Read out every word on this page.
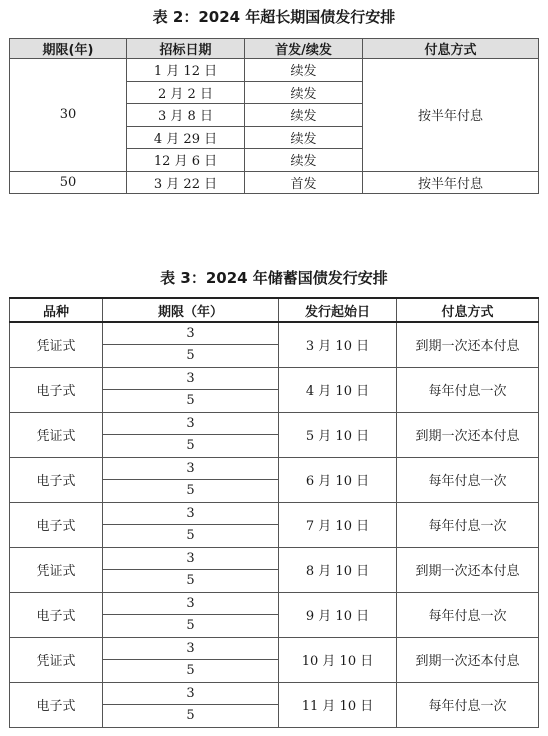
表 2：2024 年超长期国债发行安排
期限(年)	招标日期	首发/续发	付息方式
30	1 月 12 日	续发	按半年付息
	2 月 2 日	续发	
	3 月 8 日	续发	
	4 月 29 日	续发	
	12 月 6 日	续发	
50	3 月 22 日	首发	按半年付息
表 3：2024 年储蓄国债发行安排
品种	期限（年）	发行起始日	付息方式
凭证式	3	3 月 10 日	到期一次还本付息
	5		
电子式	3	4 月 10 日	每年付息一次
	5		
凭证式	3	5 月 10 日	到期一次还本付息
	5		
电子式	3	6 月 10 日	每年付息一次
	5		
电子式	3	7 月 10 日	每年付息一次
	5		
凭证式	3	8 月 10 日	到期一次还本付息
	5		
电子式	3	9 月 10 日	每年付息一次
	5		
凭证式	3	10 月 10 日	到期一次还本付息
	5		
电子式	3	11 月 10 日	每年付息一次
	5		
